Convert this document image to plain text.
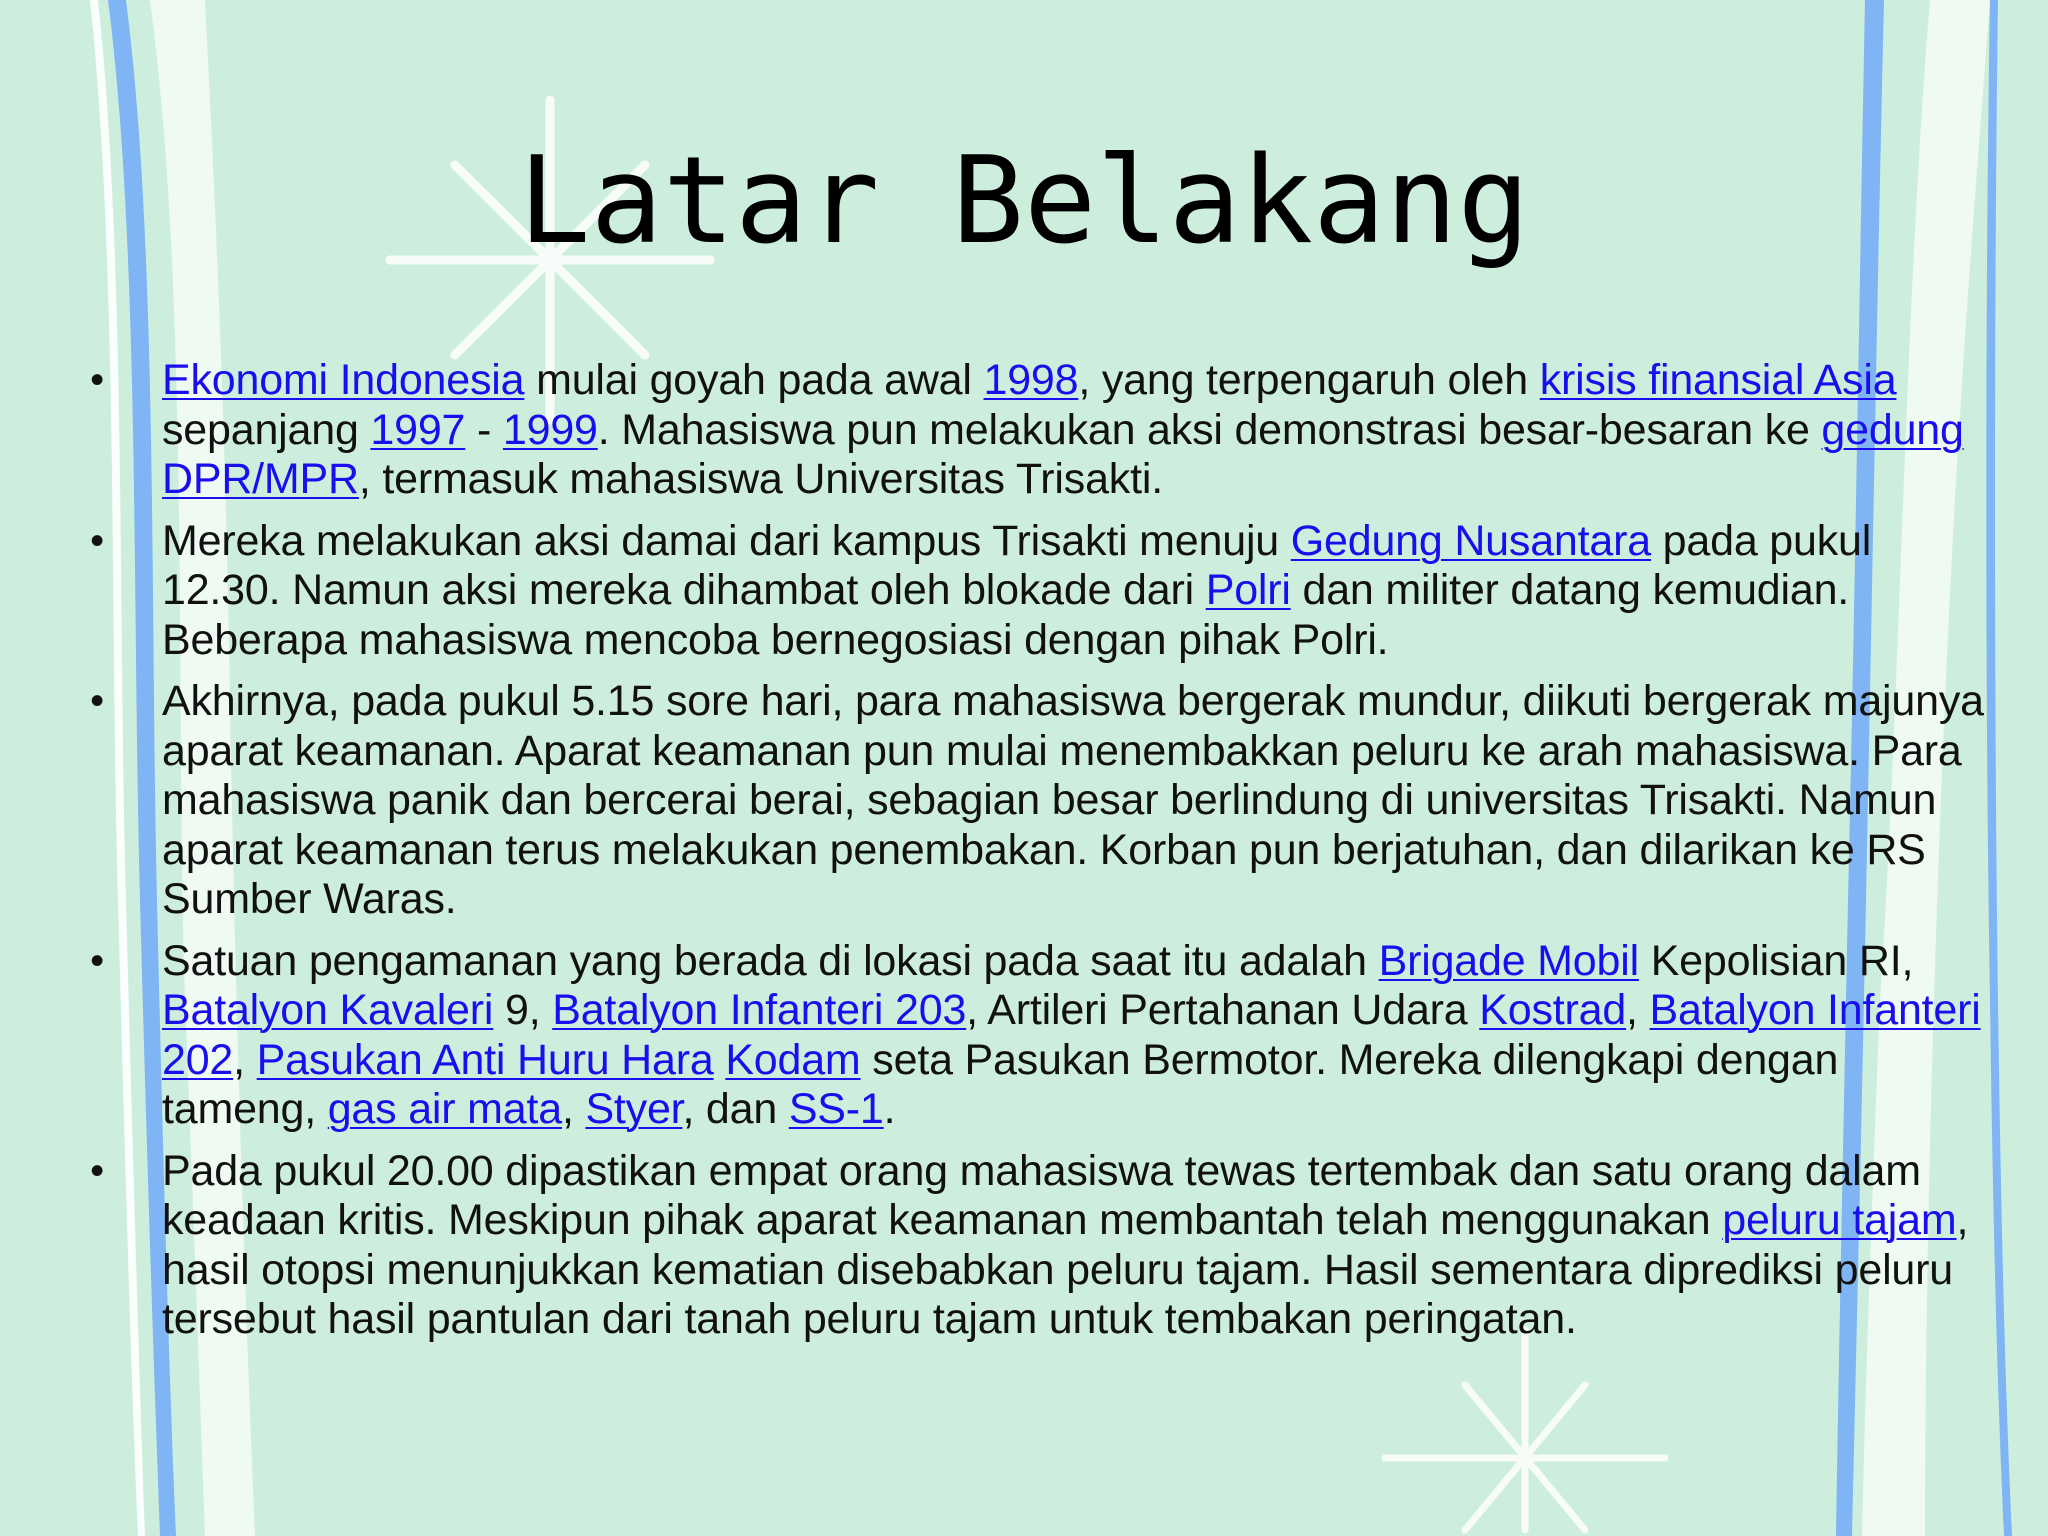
Latar Belakang
• Ekonomi Indonesia mulai goyah pada awal 1998, yang terpengaruh oleh krisis finansial Asia sepanjang 1997 - 1999. Mahasiswa pun melakukan aksi demonstrasi besar-besaran ke gedung DPR/MPR, termasuk mahasiswa Universitas Trisakti.
• Mereka melakukan aksi damai dari kampus Trisakti menuju Gedung Nusantara pada pukul 12.30. Namun aksi mereka dihambat oleh blokade dari Polri dan militer datang kemudian. Beberapa mahasiswa mencoba bernegosiasi dengan pihak Polri.
• Akhirnya, pada pukul 5.15 sore hari, para mahasiswa bergerak mundur, diikuti bergerak majunya aparat keamanan. Aparat keamanan pun mulai menembakkan peluru ke arah mahasiswa. Para mahasiswa panik dan bercerai berai, sebagian besar berlindung di universitas Trisakti. Namun aparat keamanan terus melakukan penembakan. Korban pun berjatuhan, dan dilarikan ke RS Sumber Waras.
• Satuan pengamanan yang berada di lokasi pada saat itu adalah Brigade Mobil Kepolisian RI, Batalyon Kavaleri 9, Batalyon Infanteri 203, Artileri Pertahanan Udara Kostrad, Batalyon Infanteri 202, Pasukan Anti Huru Hara Kodam seta Pasukan Bermotor. Mereka dilengkapi dengan tameng, gas air mata, Styer, dan SS-1.
• Pada pukul 20.00 dipastikan empat orang mahasiswa tewas tertembak dan satu orang dalam keadaan kritis. Meskipun pihak aparat keamanan membantah telah menggunakan peluru tajam, hasil otopsi menunjukkan kematian disebabkan peluru tajam. Hasil sementara diprediksi peluru tersebut hasil pantulan dari tanah peluru tajam untuk tembakan peringatan.
